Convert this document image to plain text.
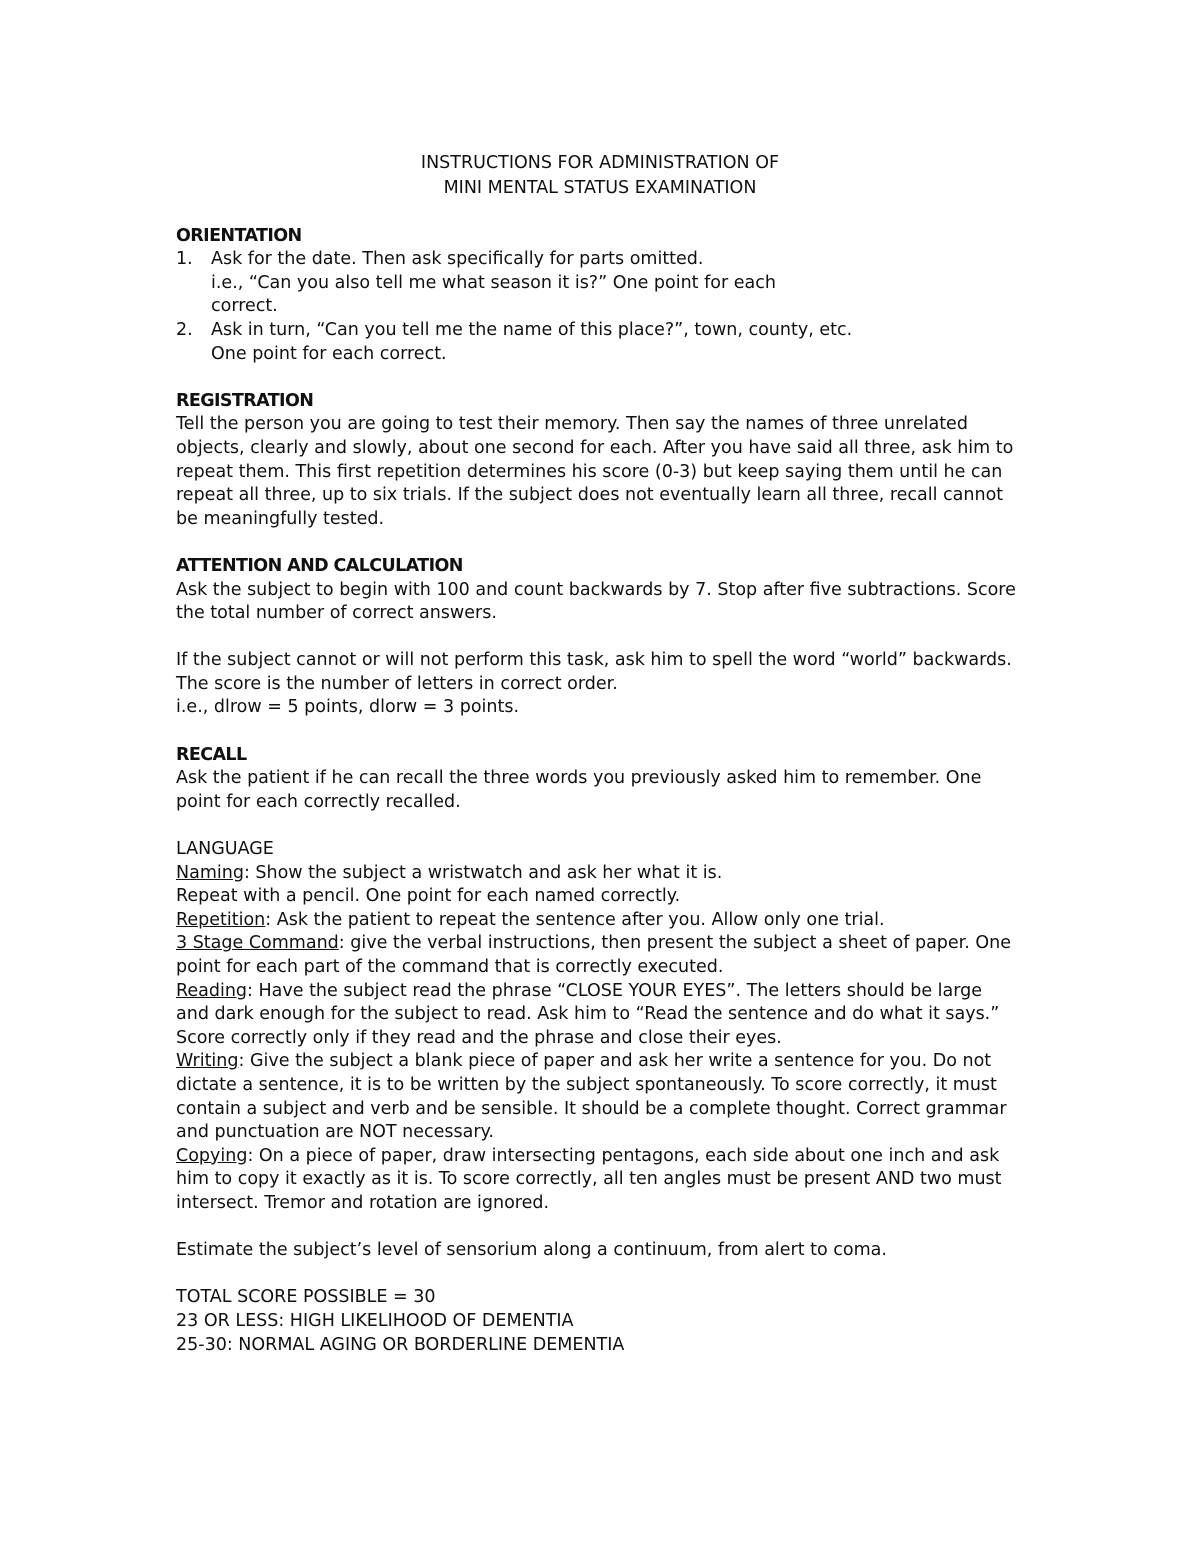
INSTRUCTIONS FOR ADMINISTRATION OF
MINI MENTAL STATUS EXAMINATION
ORIENTATION
1. Ask for the date. Then ask specifically for parts omitted.
i.e., “Can you also tell me what season it is?” One point for each
correct.
2. Ask in turn, “Can you tell me the name of this place?”, town, county, etc.
One point for each correct.
REGISTRATION
Tell the person you are going to test their memory. Then say the names of three unrelated
objects, clearly and slowly, about one second for each. After you have said all three, ask him to
repeat them. This first repetition determines his score (0-3) but keep saying them until he can
repeat all three, up to six trials. If the subject does not eventually learn all three, recall cannot
be meaningfully tested.
ATTENTION AND CALCULATION
Ask the subject to begin with 100 and count backwards by 7. Stop after five subtractions. Score
the total number of correct answers.
If the subject cannot or will not perform this task, ask him to spell the word “world” backwards.
The score is the number of letters in correct order.
i.e., dlrow = 5 points, dlorw = 3 points.
RECALL
Ask the patient if he can recall the three words you previously asked him to remember. One
point for each correctly recalled.
LANGUAGE
Naming: Show the subject a wristwatch and ask her what it is.
Repeat with a pencil. One point for each named correctly.
Repetition: Ask the patient to repeat the sentence after you. Allow only one trial.
3 Stage Command: give the verbal instructions, then present the subject a sheet of paper. One
point for each part of the command that is correctly executed.
Reading: Have the subject read the phrase “CLOSE YOUR EYES”. The letters should be large
and dark enough for the subject to read. Ask him to “Read the sentence and do what it says.”
Score correctly only if they read and the phrase and close their eyes.
Writing: Give the subject a blank piece of paper and ask her write a sentence for you. Do not
dictate a sentence, it is to be written by the subject spontaneously. To score correctly, it must
contain a subject and verb and be sensible. It should be a complete thought. Correct grammar
and punctuation are NOT necessary.
Copying: On a piece of paper, draw intersecting pentagons, each side about one inch and ask
him to copy it exactly as it is. To score correctly, all ten angles must be present AND two must
intersect. Tremor and rotation are ignored.
Estimate the subject’s level of sensorium along a continuum, from alert to coma.
TOTAL SCORE POSSIBLE = 30
23 OR LESS: HIGH LIKELIHOOD OF DEMENTIA
25-30: NORMAL AGING OR BORDERLINE DEMENTIA
